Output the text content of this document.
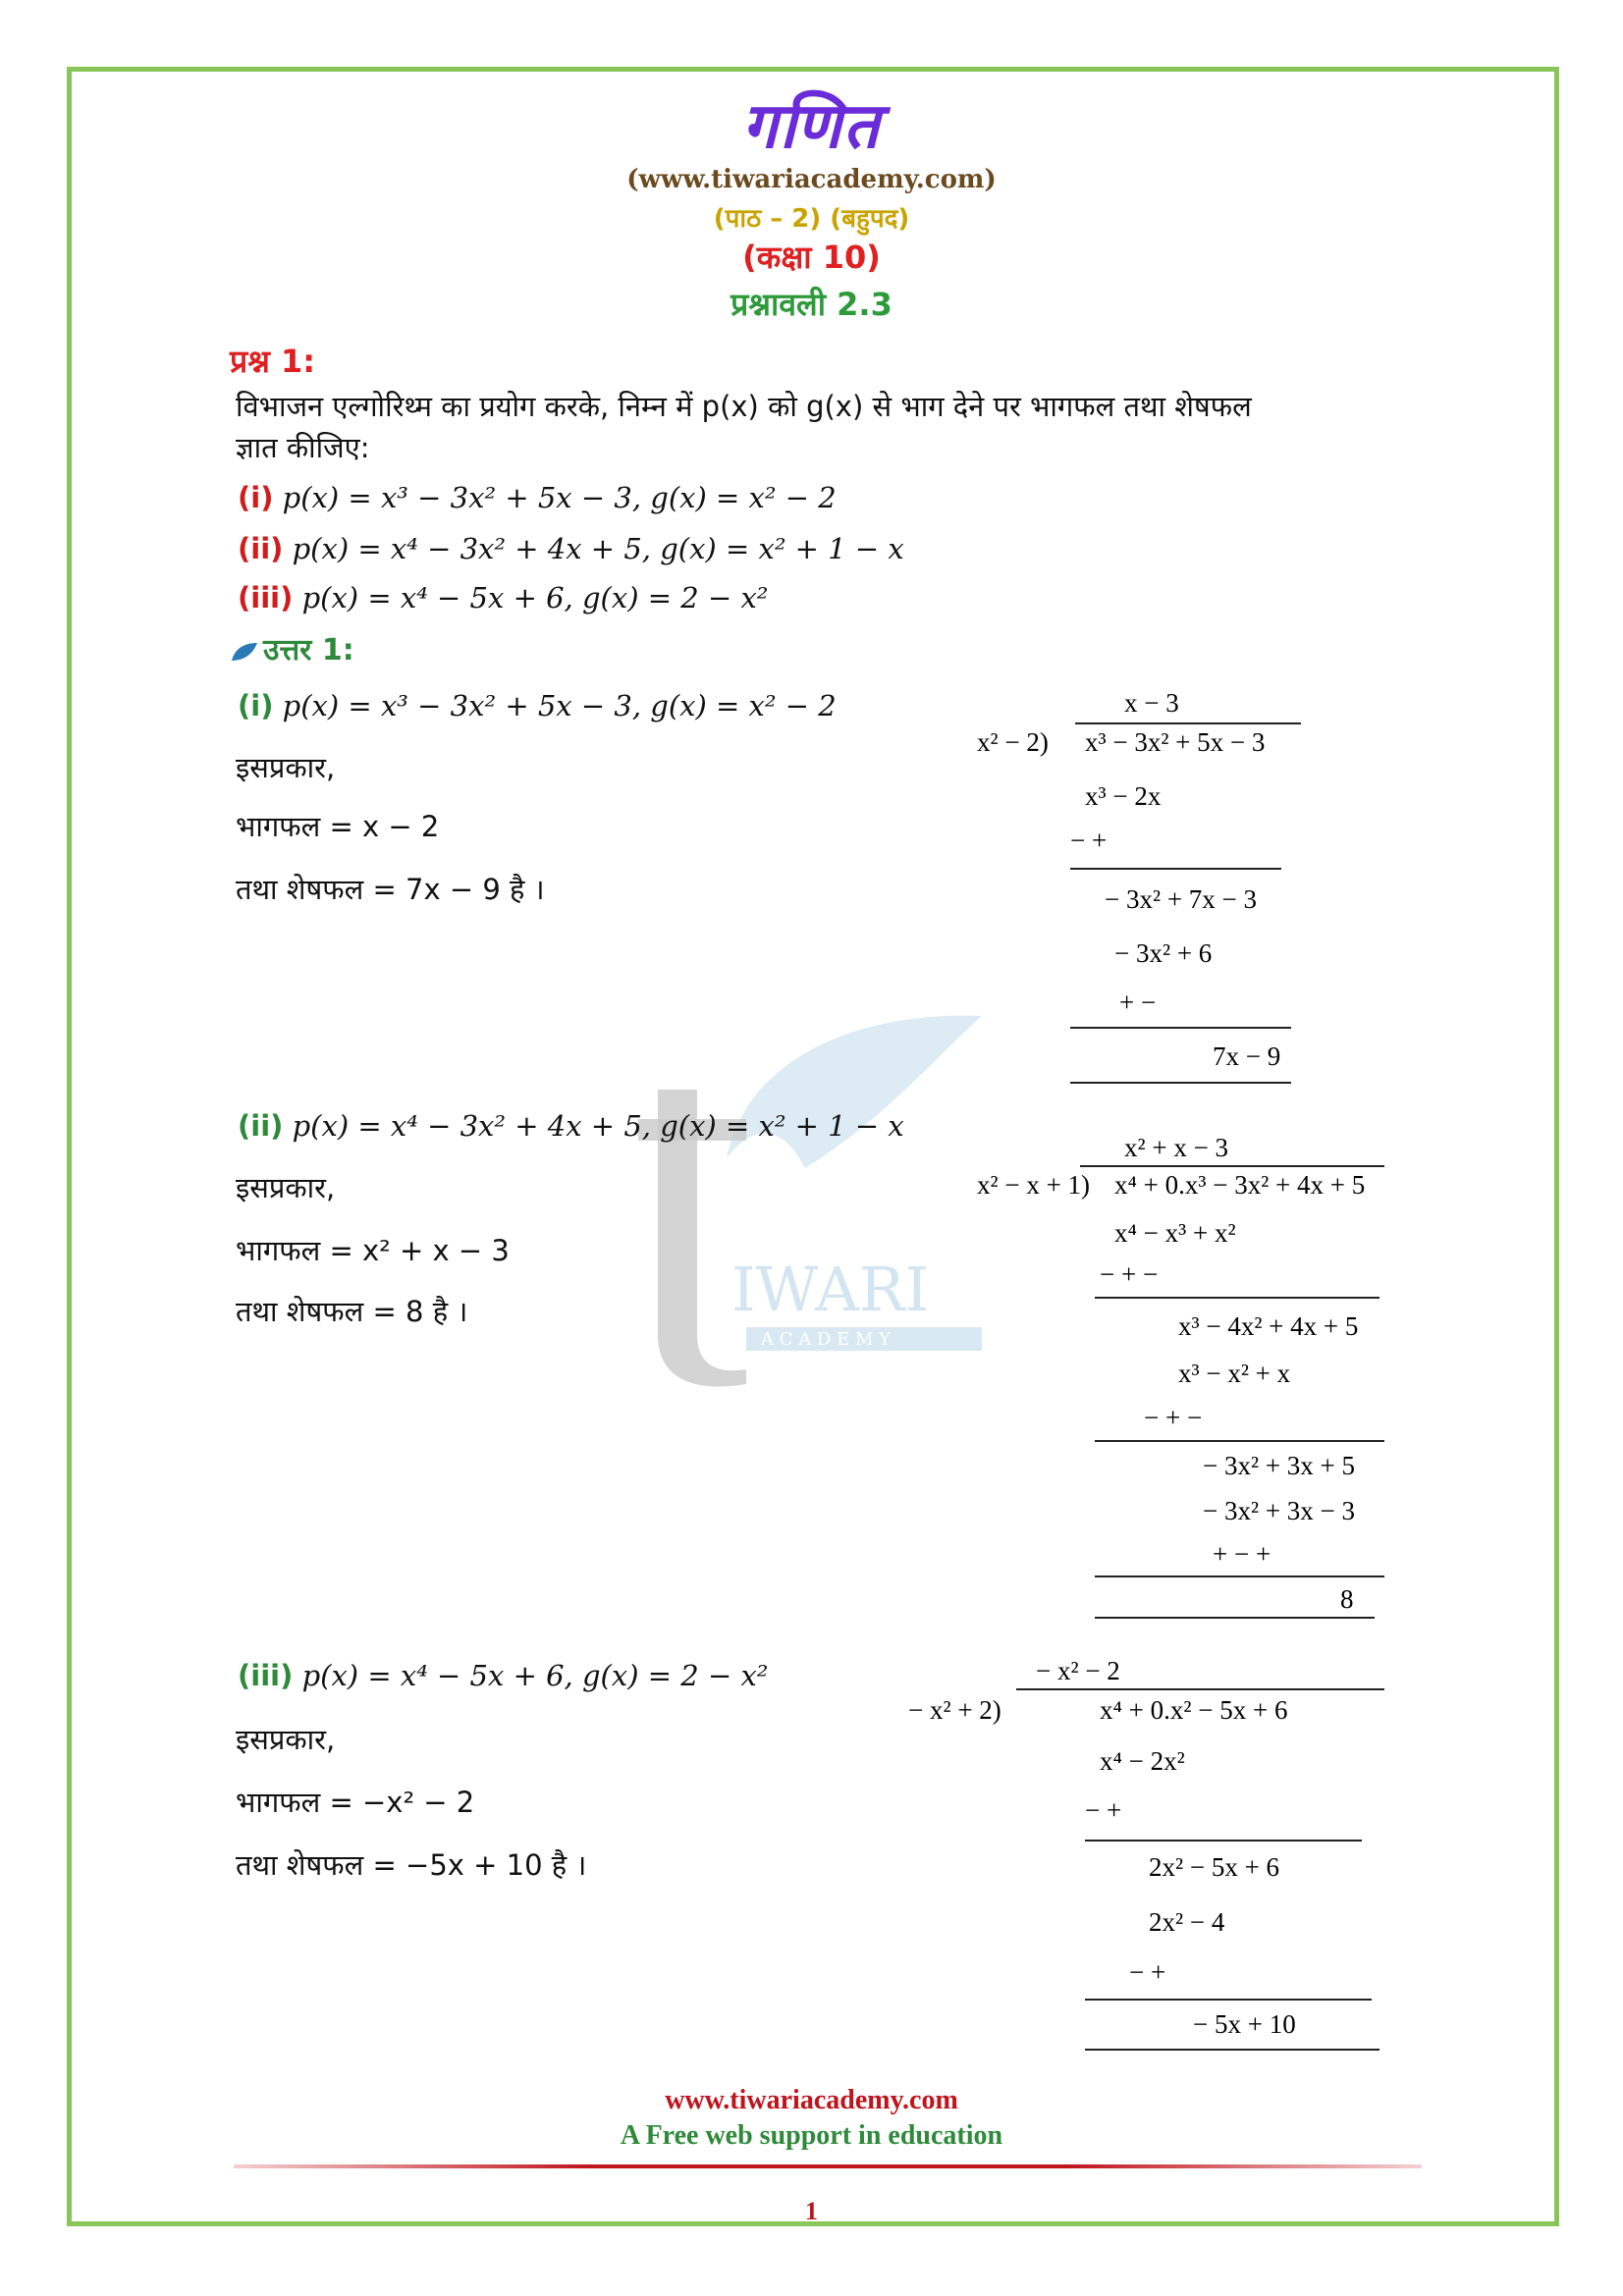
IWARI
A C A D E M Y
गणित
(www.tiwariacademy.com)
(पाठ – 2) (बहुपद)
(कक्षा 10)
प्रश्नावली 2.3
प्रश्न 1:
विभाजन एल्गोरिथ्म का प्रयोग करके, निम्न में p(x) को g(x) से भाग देने पर भागफल तथा शेषफल
ज्ञात कीजिए:
(i) p(x) = x³ − 3x² + 5x − 3, g(x) = x² − 2
(ii) p(x) = x⁴ − 3x² + 4x + 5, g(x) = x² + 1 − x
(iii) p(x) = x⁴ − 5x + 6, g(x) = 2 − x²
उत्तर 1:
(i) p(x) = x³ − 3x² + 5x − 3, g(x) = x² − 2
इसप्रकार,
भागफल = x − 2
तथा शेषफल = 7x − 9 है ।
(ii) p(x) = x⁴ − 3x² + 4x + 5, g(x) = x² + 1 − x
इसप्रकार,
भागफल = x² + x − 3
तथा शेषफल = 8 है ।
(iii) p(x) = x⁴ − 5x + 6, g(x) = 2 − x²
इसप्रकार,
भागफल = −x² − 2
तथा शेषफल = −5x + 10 है ।
x − 3
x² − 2) x³ − 3x² + 5x − 3
x³ − 2x
− +
− 3x² + 7x − 3
− 3x² + 6
+ −
7x − 9
x² + x − 3
x² − x + 1) x⁴ + 0.x³ − 3x² + 4x + 5
x⁴ − x³ + x²
− + −
x³ − 4x² + 4x + 5
x³ − x² + x
− + −
− 3x² + 3x + 5
− 3x² + 3x − 3
+ − +
8
− x² − 2
− x² + 2)	x⁴ + 0.x² − 5x + 6
x⁴ − 2x²
− +
2x² − 5x + 6
2x² − 4
− +
− 5x + 10
www.tiwariacademy.com
A Free web support in education
1
